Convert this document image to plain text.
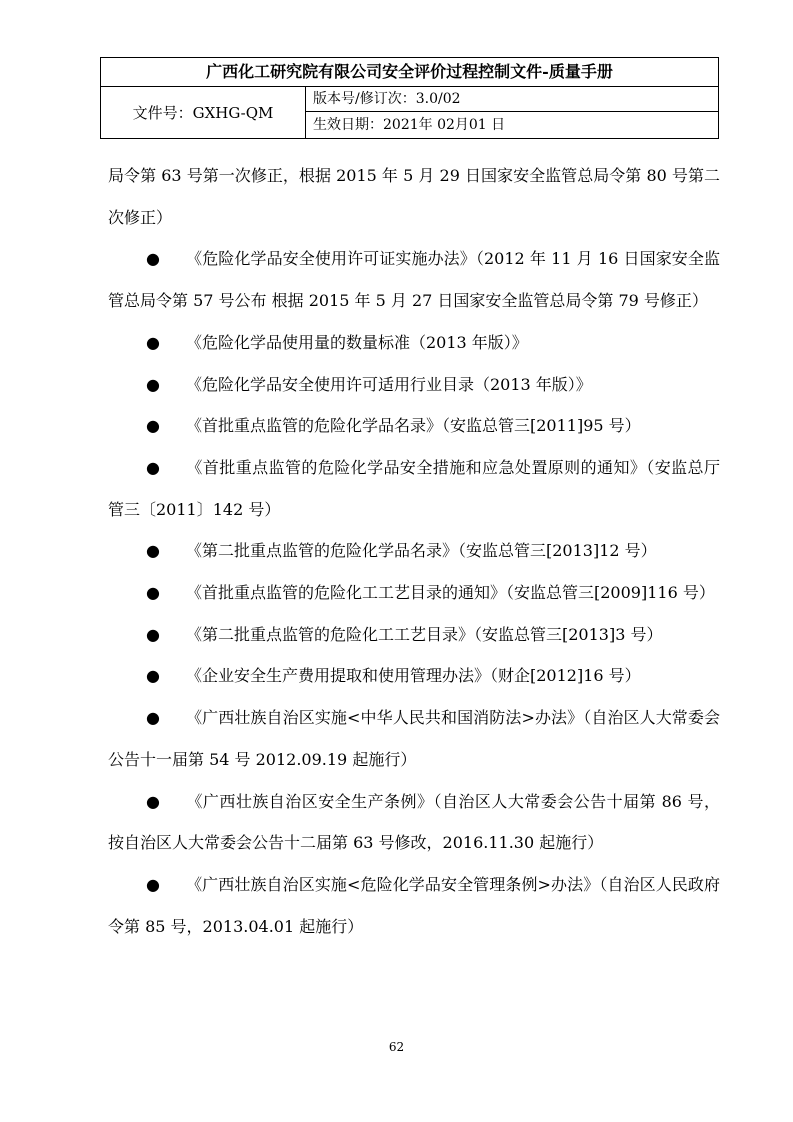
广西化工研究院有限公司安全评价过程控制文件-质量手册
文件号：GXHG-QM
版本号/修订次：3.0/02
生效日期：2021年 02月01 日

局令第 63 号第一次修正，根据 2015 年 5 月 29 日国家安全监管总局令第 80 号第二次修正）

● 《危险化学品安全使用许可证实施办法》（2012 年 11 月 16 日国家安全监管总局令第 57 号公布 根据 2015 年 5 月 27 日国家安全监管总局令第 79 号修正）

● 《危险化学品使用量的数量标准（2013 年版）》

● 《危险化学品安全使用许可适用行业目录（2013 年版）》

● 《首批重点监管的危险化学品名录》（安监总管三[2011]95 号）

● 《首批重点监管的危险化学品安全措施和应急处置原则的通知》（安监总厅管三〔2011〕142 号）

● 《第二批重点监管的危险化学品名录》（安监总管三[2013]12 号）

● 《首批重点监管的危险化工工艺目录的通知》（安监总管三[2009]116 号）

● 《第二批重点监管的危险化工工艺目录》（安监总管三[2013]3 号）

● 《企业安全生产费用提取和使用管理办法》（财企[2012]16 号）

● 《广西壮族自治区实施<中华人民共和国消防法>办法》（自治区人大常委会公告十一届第 54 号 2012.09.19 起施行）

● 《广西壮族自治区安全生产条例》（自治区人大常委会公告十届第 86 号，按自治区人大常委会公告十二届第 63 号修改，2016.11.30 起施行）

● 《广西壮族自治区实施<危险化学品安全管理条例>办法》（自治区人民政府令第 85 号，2013.04.01 起施行）

62
